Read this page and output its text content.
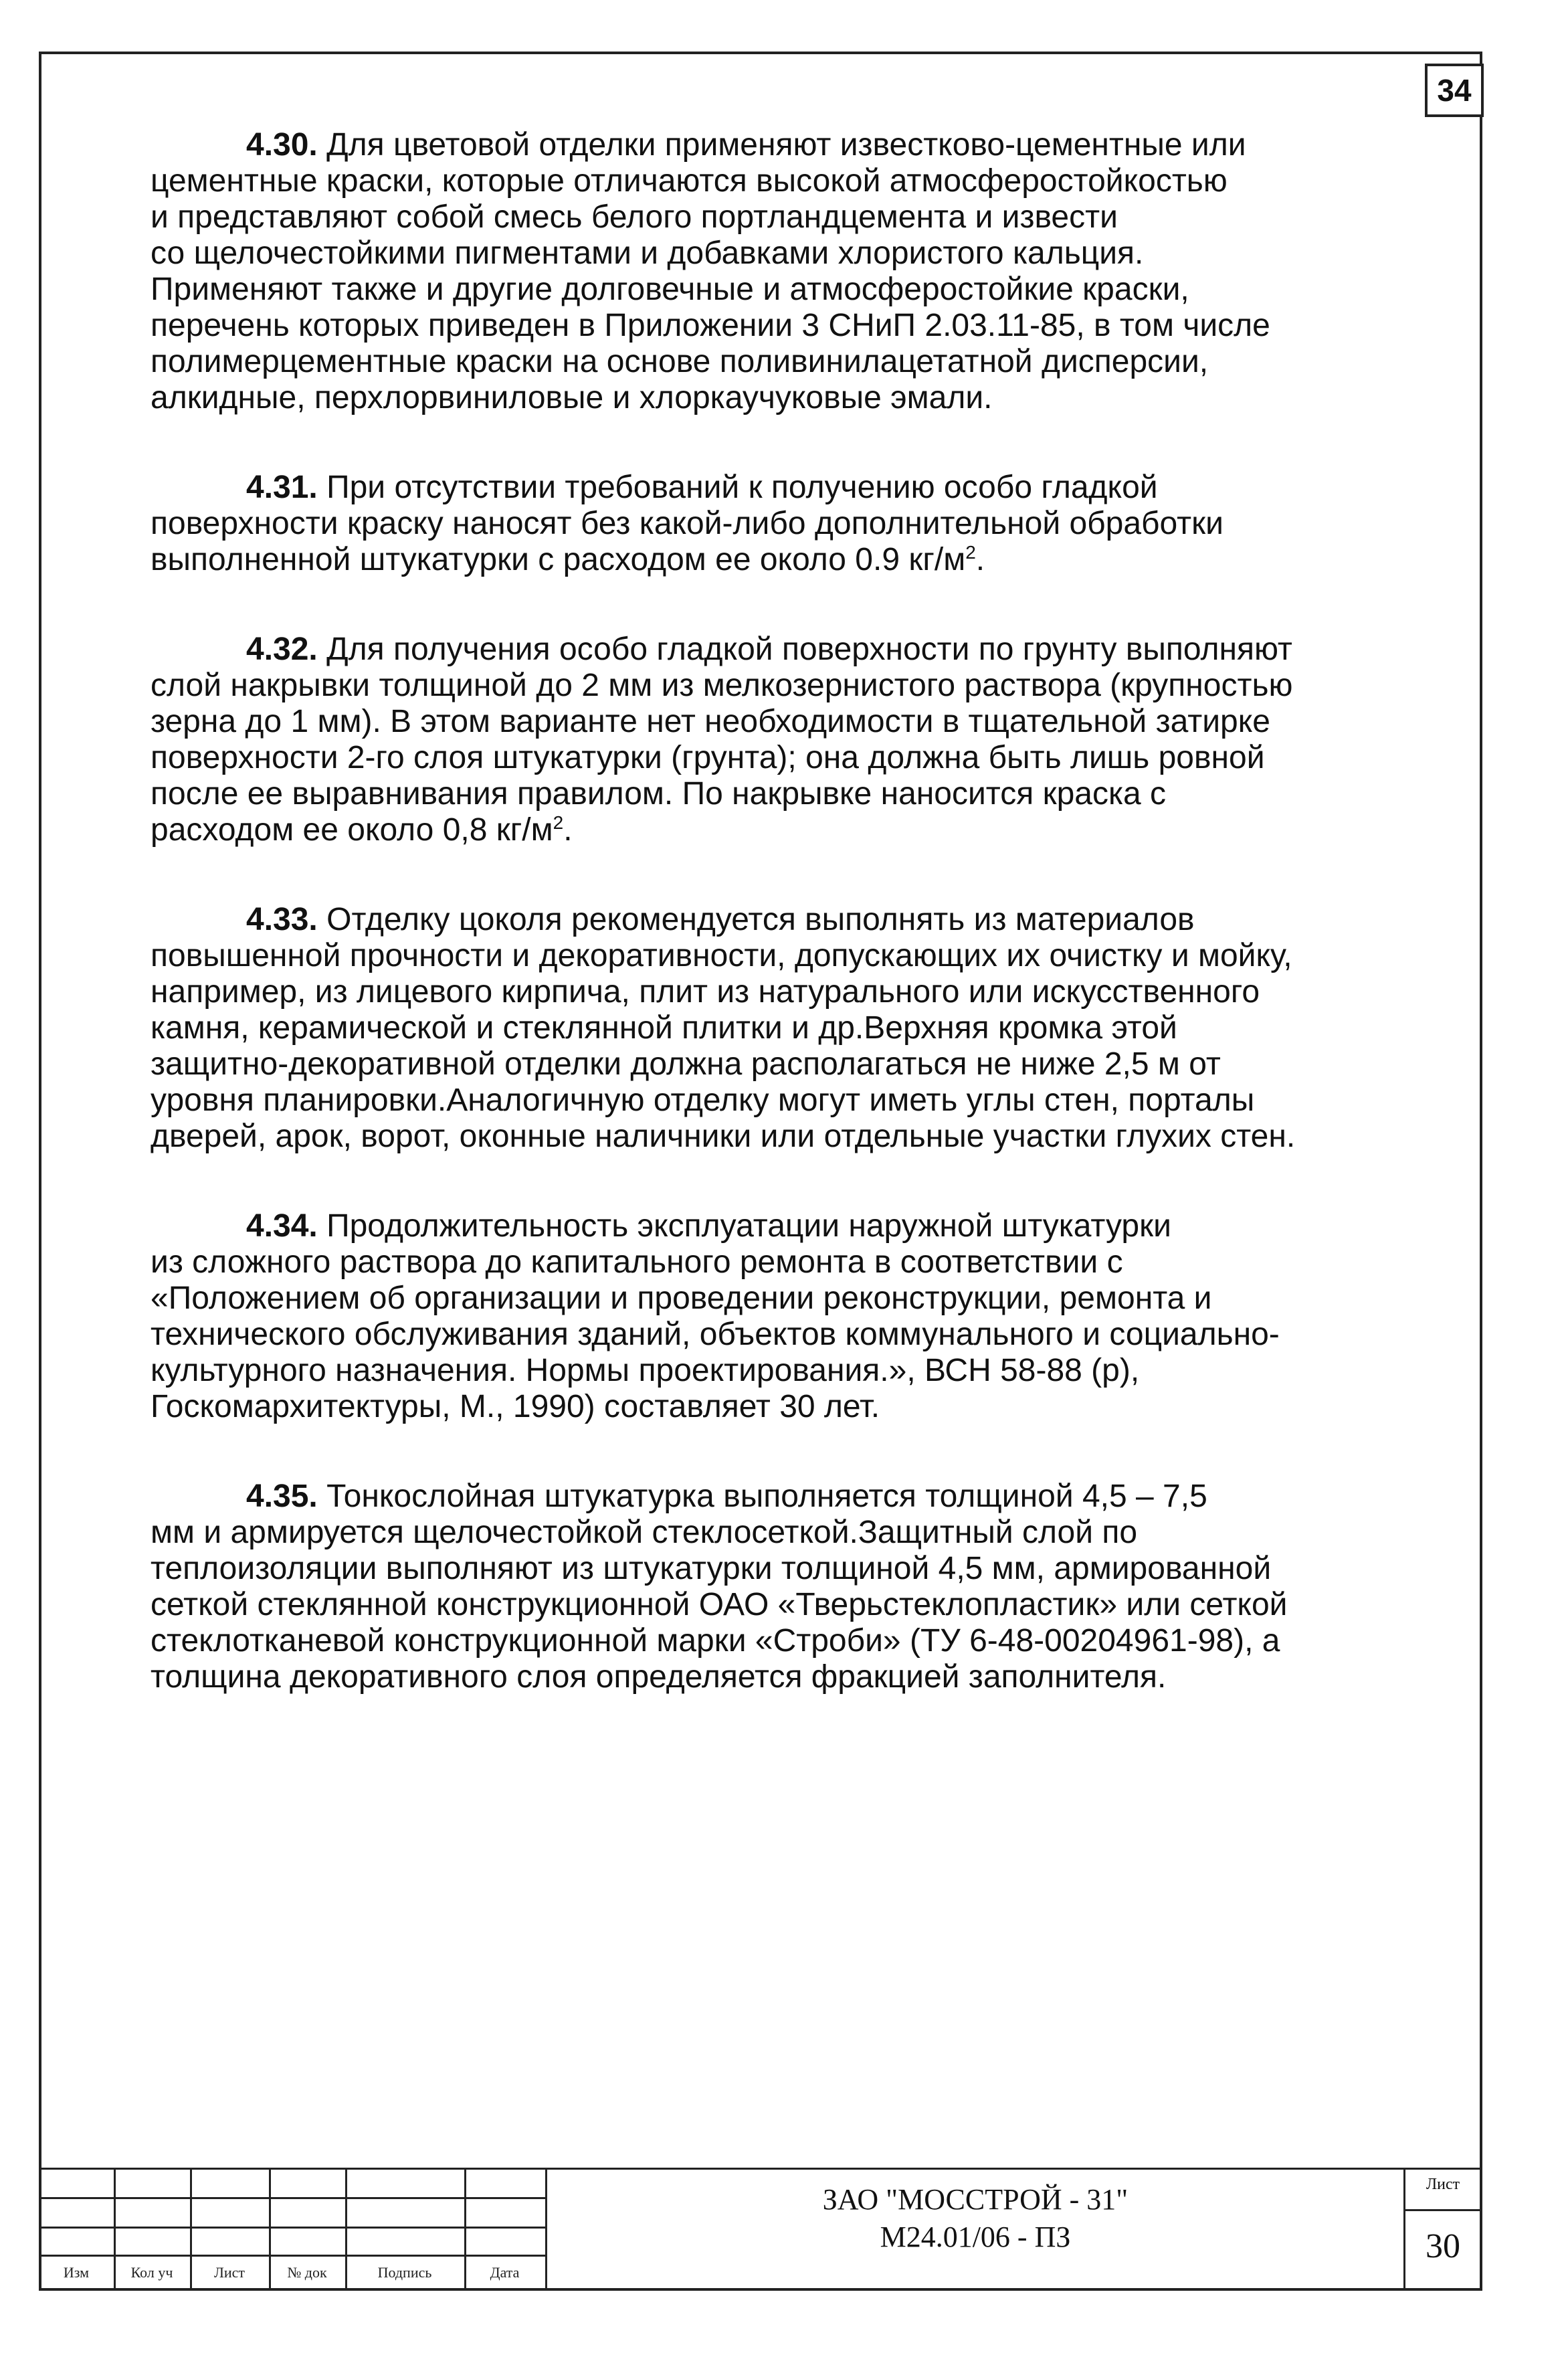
34

4.30. Для цветовой отделки применяют известково-цементные или
цементные краски, которые отличаются высокой атмосферостойкостью
и представляют собой смесь белого портландцемента и извести
со щелочестойкими пигментами и добавками хлористого кальция.
Применяют также и другие долговечные и атмосферостойкие краски,
перечень которых приведен в Приложении 3 СНиП 2.03.11-85, в том числе
полимерцементные краски на основе поливинилацетатной дисперсии,
алкидные, перхлорвиниловые и хлоркаучуковые эмали.

4.31. При отсутствии требований к получению особо гладкой
поверхности краску наносят без какой-либо дополнительной обработки
выполненной штукатурки с расходом ее около 0.9 $кг/м^2$.

4.32. Для получения особо гладкой поверхности по грунту выполняют
слой накрывки толщиной до 2 мм из мелкозернистого раствора (крупностью
зерна до 1 мм). В этом варианте нет необходимости в тщательной затирке
поверхности 2-го слоя штукатурки (грунта); она должна быть лишь ровной
после ее выравнивания правилом. По накрывке наносится краска с
расходом ее около 0,8 $кг/м^2$.

4.33. Отделку цоколя рекомендуется выполнять из материалов
повышенной прочности и декоративности, допускающих их очистку и мойку,
например, из лицевого кирпича, плит из натурального или искусственного
камня, керамической и стеклянной плитки и др.Верхняя кромка этой
защитно-декоративной отделки должна располагаться не ниже 2,5 м от
уровня планировки.Аналогичную отделку могут иметь углы стен, порталы
дверей, арок, ворот, оконные наличники или отдельные участки глухих стен.

4.34. Продолжительность эксплуатации наружной штукатурки
из сложного раствора до капитального ремонта в соответствии с
«Положением об организации и проведении реконструкции, ремонта и
технического обслуживания зданий, объектов коммунального и социально-
культурного назначения. Нормы проектирования.», ВСН 58-88 (р),
Госкомархитектуры, М., 1990) составляет 30 лет.

4.35. Тонкослойная штукатурка выполняется толщиной 4,5 – 7,5
мм и армируется щелочестойкой стеклосеткой.Защитный слой по
теплоизоляции выполняют из штукатурки толщиной 4,5 мм, армированной
сеткой стеклянной конструкционной ОАО «Тверьстеклопластик» или сеткой
стеклотканевой конструкционной марки «Строби» (ТУ 6-48-00204961-98), а
толщина декоративного слоя определяется фракцией заполнителя.

Изм	Кол уч	Лист	№ док	Подпись	Дата
ЗАО "МОССТРОЙ - 31"
М24.01/06 - ПЗ
Лист
30
